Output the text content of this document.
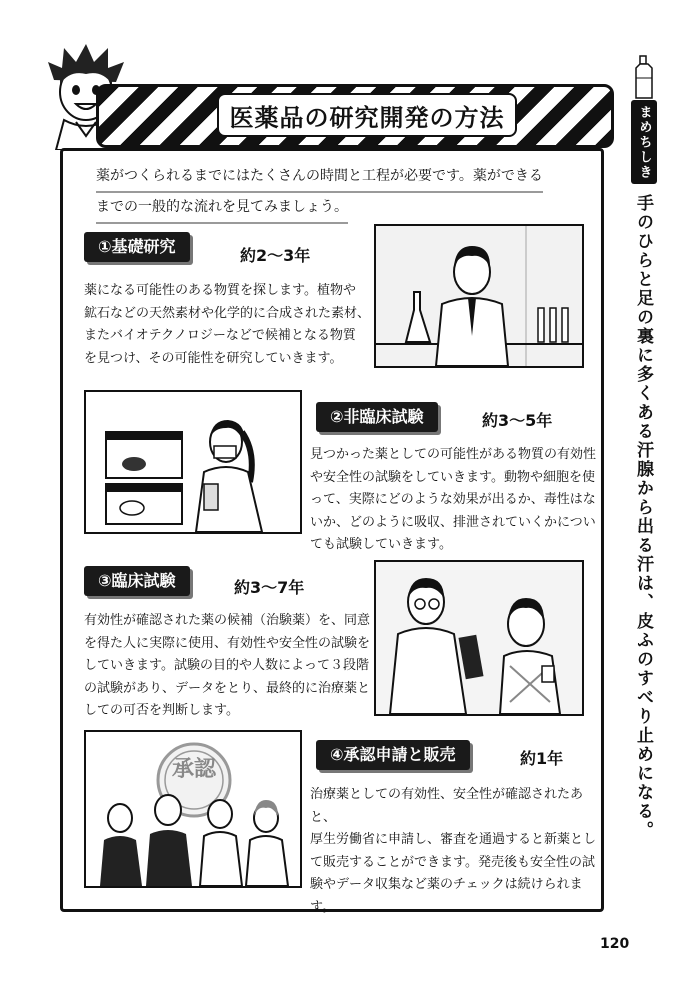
医薬品の研究開発の方法
薬がつくられるまでにはたくさんの時間と工程が必要です。薬ができる
までの一般的な流れを見てみましょう。
①基礎研究	約2～3年
薬になる可能性のある物質を探します。植物や
鉱石などの天然素材や化学的に合成された素材、
またバイオテクノロジーなどで候補となる物質
を見つけ、その可能性を研究していきます。
②非臨床試験	約3～5年
見つかった薬としての可能性がある物質の有効性
や安全性の試験をしていきます。動物や細胞を使
って、実際にどのような効果が出るか、毒性はな
いか、どのように吸収、排泄されていくかについ
ても試験していきます。
③臨床試験	約3～7年
有効性が確認された薬の候補（治験薬）を、同意
を得た人に実際に使用、有効性や安全性の試験を
していきます。試験の目的や人数によって３段階
の試験があり、データをとり、最終的に治療薬と
しての可否を判断します。
承認
④承認申請と販売	約1年
治療薬としての有効性、安全性が確認されたあと、
厚生労働省に申請し、審査を通過すると新薬とし
て販売することができます。発売後も安全性の試
験やデータ収集など薬のチェックは続けられます。
まめちしき
手のひらと足の裏に多くある汗腺から出る汗は、皮ふのすべり止めになる。
120
